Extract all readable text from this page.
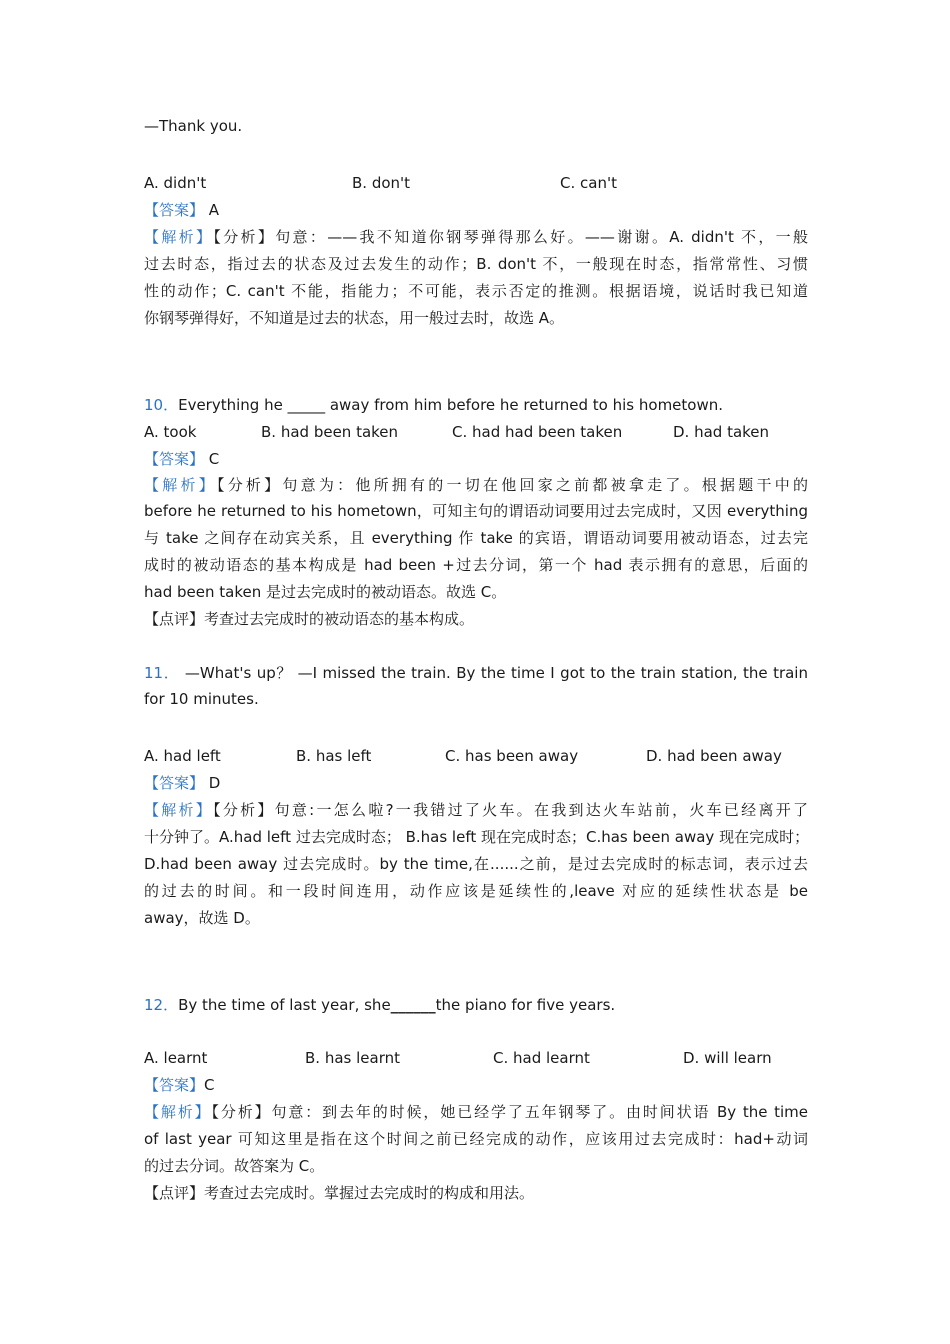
—Thank you.
A. didn't	B. don't	C. can't
【答案】 A
【解析】【分析】句意：——我不知道你钢琴弹得那么好。——谢谢。A. didn't 不，一般
过去时态，指过去的状态及过去发生的动作；B. don't 不，一般现在时态，指常常性、习惯
性的动作；C. can't 不能，指能力；不可能，表示否定的推测。根据语境，说话时我已知道
你钢琴弹得好，不知道是过去的状态，用一般过去时，故选 A。
10．Everything he _____ away from him before he returned to his hometown.
A. took	B. had been taken	C. had had been taken	D. had taken
【答案】 C
【解析】【分析】句意为：他所拥有的一切在他回家之前都被拿走了。根据题干中的
before he returned to his hometown，可知主句的谓语动词要用过去完成时，又因 everything
与 take 之间存在动宾关系，且 everything 作 take 的宾语，谓语动词要用被动语态，过去完
成时的被动语态的基本构成是 had been +过去分词，第一个 had 表示拥有的意思，后面的
had been taken 是过去完成时的被动语态。故选 C。
【点评】考查过去完成时的被动语态的基本构成。
11． —What's up？ —I missed the train. By the time I got to the train station, the train
for 10 minutes.
A. had left	B. has left	C. has been away	D. had been away
【答案】 D
【解析】【分析】句意:一怎么啦?一我错过了火车。在我到达火车站前，火车已经离开了
十分钟了。A.had left 过去完成时态； B.has left 现在完成时态；C.has been away 现在完成时；
D.had been away 过去完成时。by the time,在......之前，是过去完成时的标志词，表示过去
的过去的时间。和一段时间连用，动作应该是延续性的,leave 对应的延续性状态是 be
away，故选 D。
12．By the time of last year, she______the piano for five years.
A. learnt	B. has learnt	C. had learnt	D. will learn
【答案】C
【解析】【分析】句意：到去年的时候，她已经学了五年钢琴了。由时间状语 By the time
of last year 可知这里是指在这个时间之前已经完成的动作，应该用过去完成时：had+动词
的过去分词。故答案为 C。
【点评】考查过去完成时。掌握过去完成时的构成和用法。
